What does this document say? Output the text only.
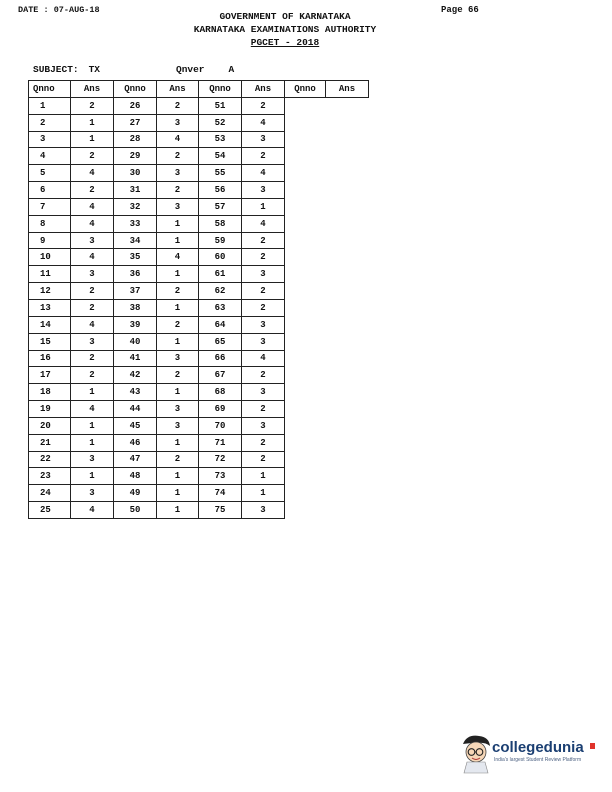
DATE : 07-AUG-18	Page 66
GOVERNMENT OF KARNATAKA
KARNATAKA EXAMINATIONS AUTHORITY
PGCET - 2018
SUBJECT: TX	Qnver	A
Qnno	Ans	Qnno	Ans	Qnno	Ans	Qnno	Ans
1	2	26	2	51	2		
2	1	27	3	52	4		
3	1	28	4	53	3		
4	2	29	2	54	2		
5	4	30	3	55	4		
6	2	31	2	56	3		
7	4	32	3	57	1		
8	4	33	1	58	4		
9	3	34	1	59	2		
10	4	35	4	60	2		
11	3	36	1	61	3		
12	2	37	2	62	2		
13	2	38	1	63	2		
14	4	39	2	64	3		
15	3	40	1	65	3		
16	2	41	3	66	4		
17	2	42	2	67	2		
18	1	43	1	68	3		
19	4	44	3	69	2		
20	1	45	3	70	3		
21	1	46	1	71	2		
22	3	47	2	72	2		
23	1	48	1	73	1		
24	3	49	1	74	1		
25	4	50	1	75	3		
collegedunia
India's largest Student Review Platform
